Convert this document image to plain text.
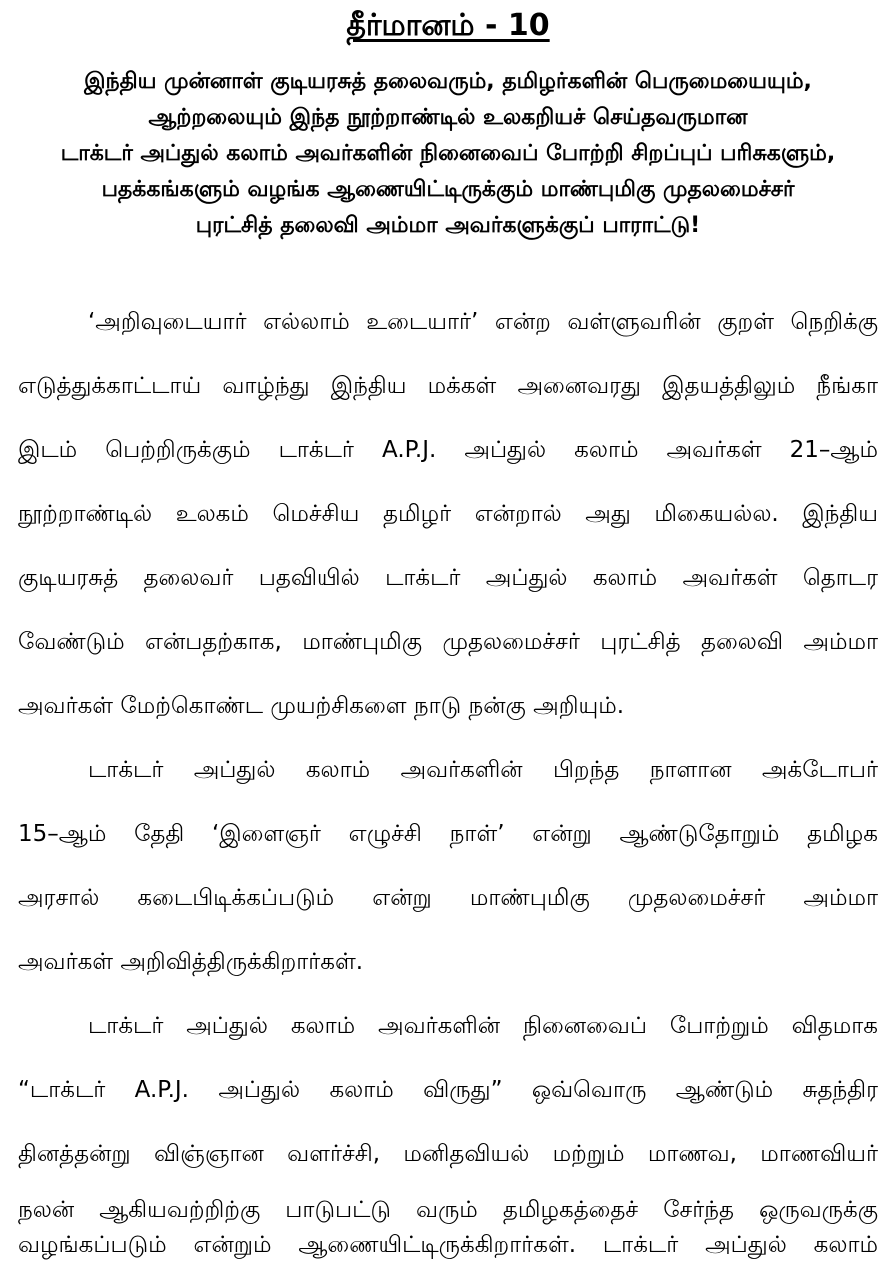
தீர்மானம் - 10
இந்திய முன்னாள் குடியரசுத் தலைவரும், தமிழர்களின் பெருமையையும்,
ஆற்றலையும் இந்த நூற்றாண்டில் உலகறியச் செய்தவருமான
டாக்டர் அப்துல் கலாம் அவர்களின் நினைவைப் போற்றி சிறப்புப் பரிசுகளும்,
பதக்கங்களும் வழங்க ஆணையிட்டிருக்கும் மாண்புமிகு முதலமைச்சர்
புரட்சித் தலைவி அம்மா அவர்களுக்குப் பாராட்டு!
‘அறிவுடையார் எல்லாம் உடையார்’ என்ற வள்ளுவரின் குறள் நெறிக்கு
எடுத்துக்காட்டாய் வாழ்ந்து இந்திய மக்கள் அனைவரது இதயத்திலும் நீங்கா
இடம் பெற்றிருக்கும் டாக்டர் A.P.J. அப்துல் கலாம் அவர்கள் 21–ஆம்
நூற்றாண்டில் உலகம் மெச்சிய தமிழர் என்றால் அது மிகையல்ல. இந்திய
குடியரசுத் தலைவர் பதவியில் டாக்டர் அப்துல் கலாம் அவர்கள் தொடர
வேண்டும் என்பதற்காக, மாண்புமிகு முதலமைச்சர் புரட்சித் தலைவி அம்மா
அவர்கள் மேற்கொண்ட முயற்சிகளை நாடு நன்கு அறியும்.
டாக்டர் அப்துல் கலாம் அவர்களின் பிறந்த நாளான அக்டோபர்
15–ஆம் தேதி ‘இளைஞர் எழுச்சி நாள்’ என்று ஆண்டுதோறும் தமிழக
அரசால் கடைபிடிக்கப்படும் என்று மாண்புமிகு முதலமைச்சர் அம்மா
அவர்கள் அறிவித்திருக்கிறார்கள்.
டாக்டர் அப்துல் கலாம் அவர்களின் நினைவைப் போற்றும் விதமாக
“டாக்டர் A.P.J. அப்துல் கலாம் விருது” ஒவ்வொரு ஆண்டும் சுதந்திர
தினத்தன்று விஞ்ஞான வளர்ச்சி, மனிதவியல் மற்றும் மாணவ, மாணவியர்
நலன் ஆகியவற்றிற்கு பாடுபட்டு வரும் தமிழகத்தைச் சேர்ந்த ஒருவருக்கு
வழங்கப்படும் என்றும் ஆணையிட்டிருக்கிறார்கள். டாக்டர் அப்துல் கலாம்
